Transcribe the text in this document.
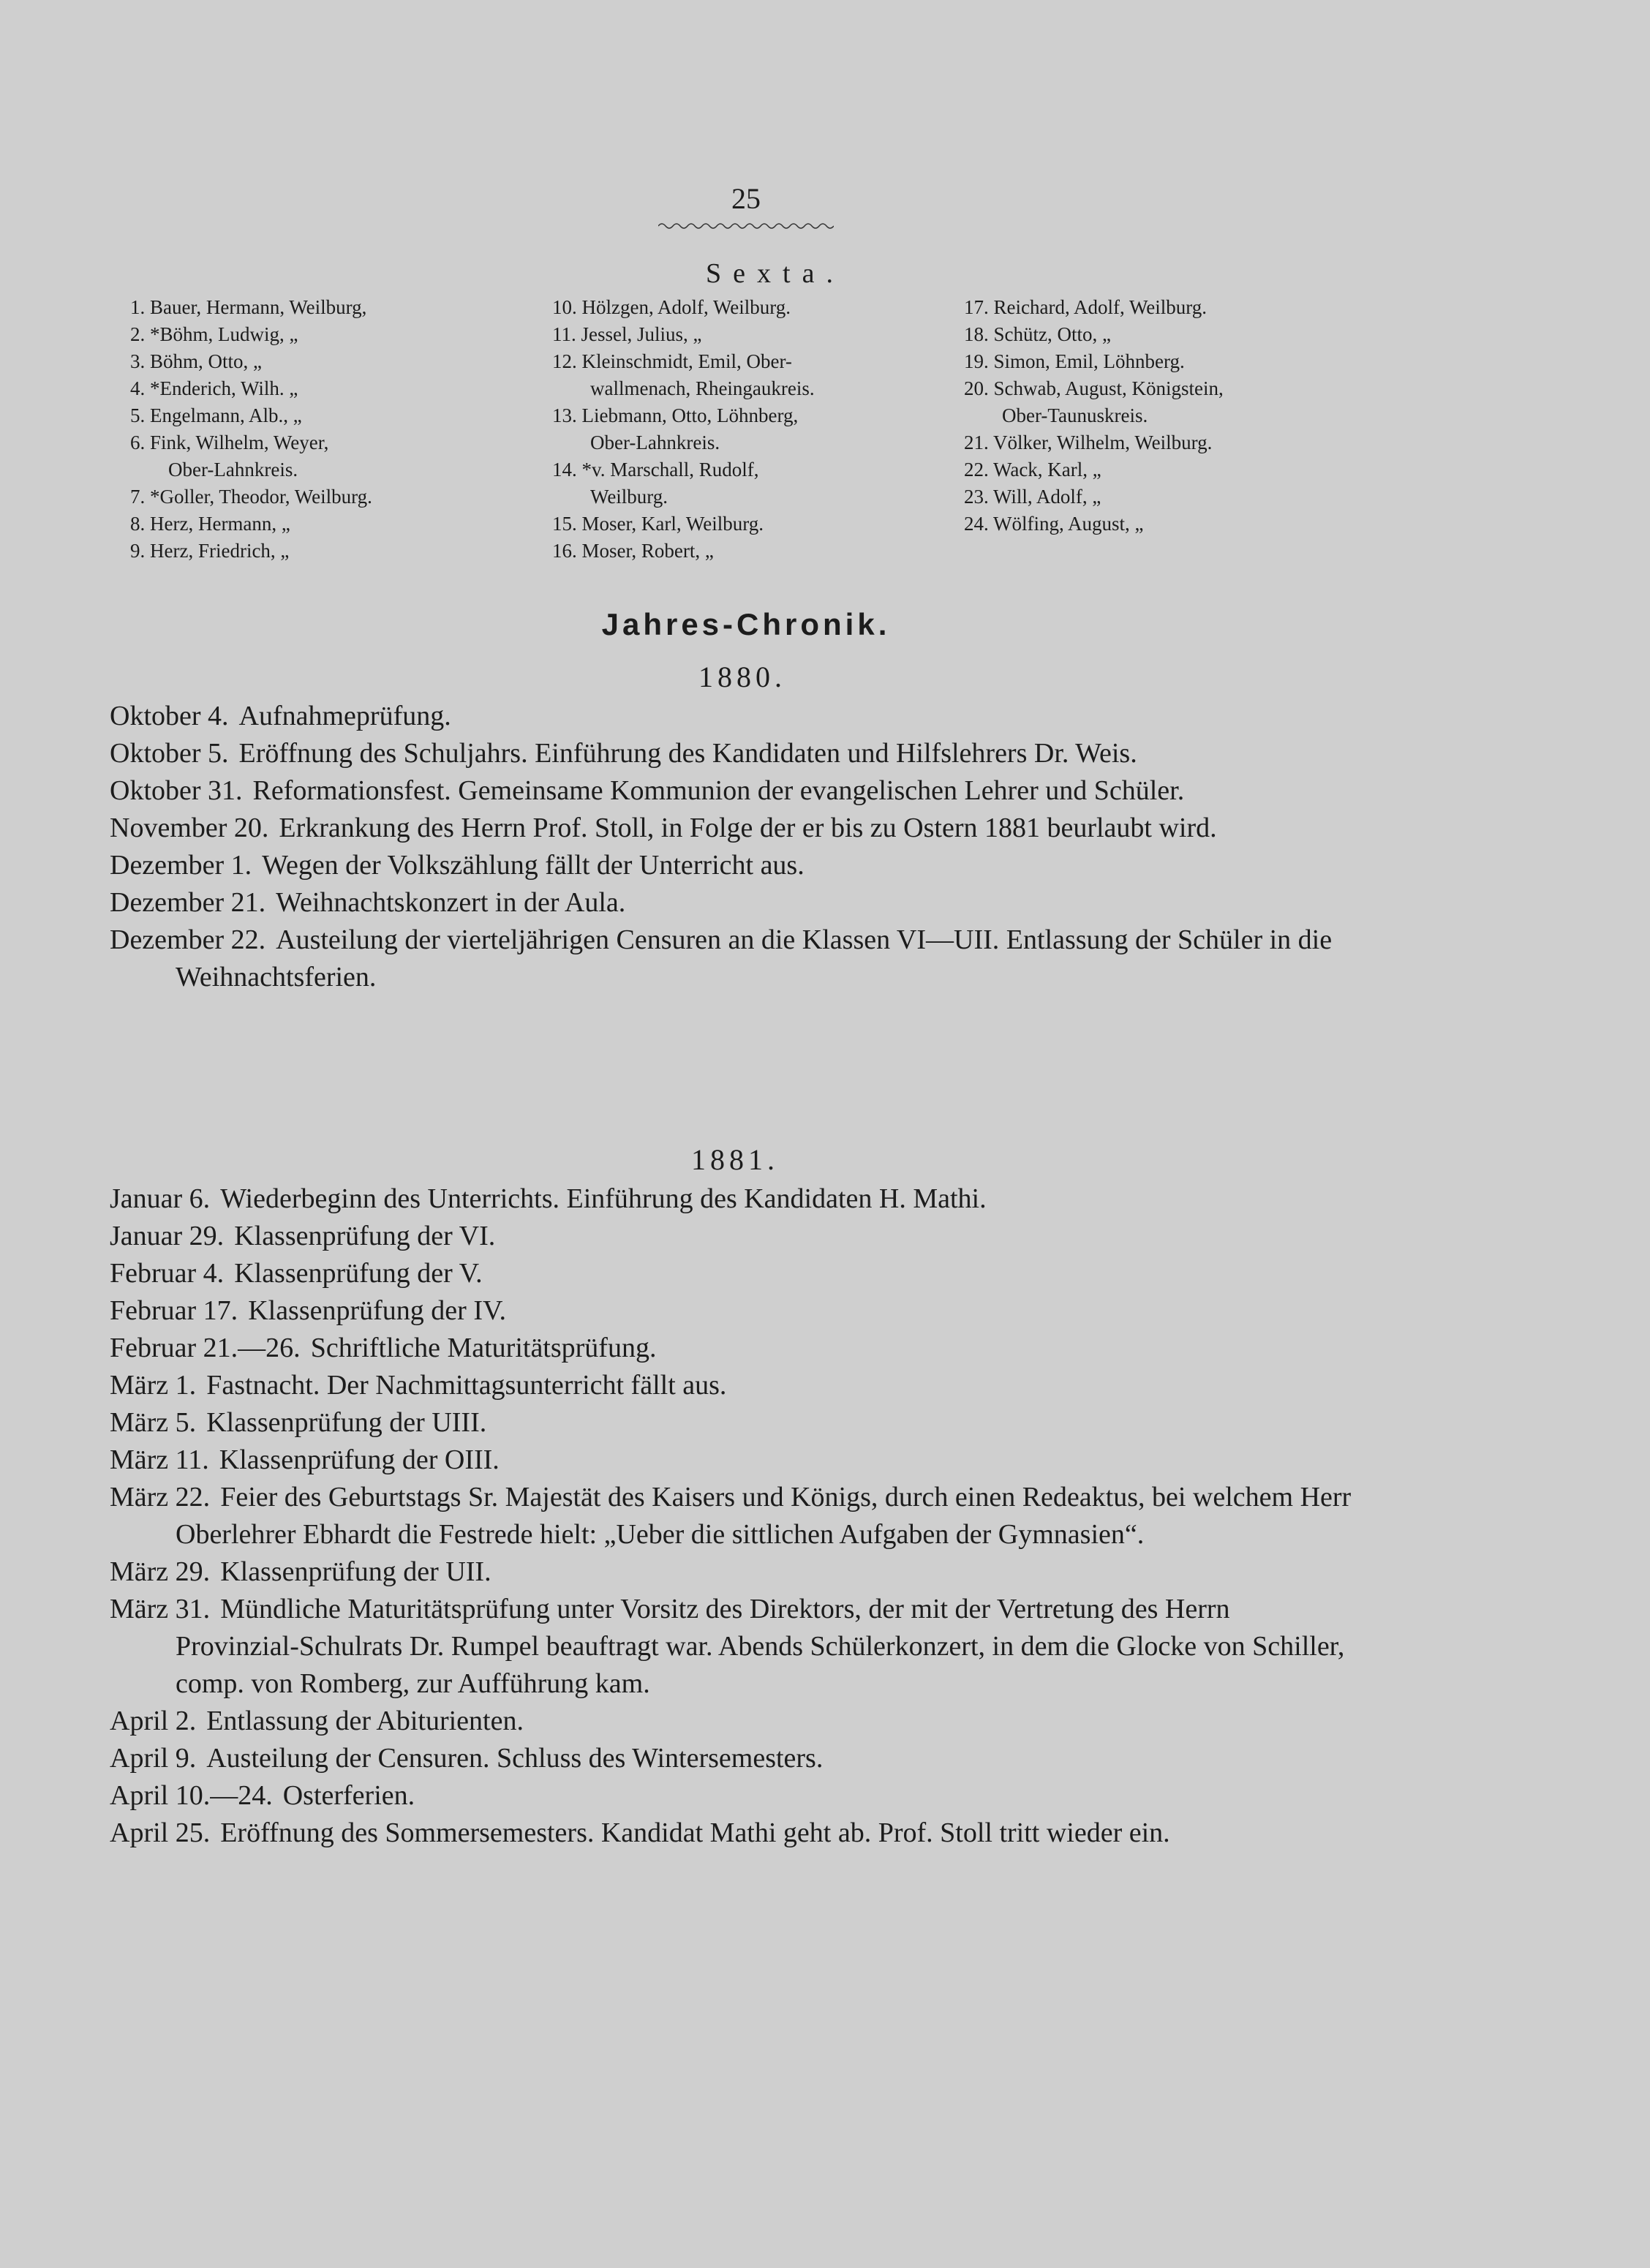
25
Sexta.
1. Bauer, Hermann, Weilburg,
2. *Böhm, Ludwig, „
3. Böhm, Otto, „
4. *Enderich, Wilh. „
5. Engelmann, Alb., „
6. Fink, Wilhelm, Weyer,
Ober-Lahnkreis.
7. *Goller, Theodor, Weilburg.
8. Herz, Hermann, „
9. Herz, Friedrich, „
10. Hölzgen, Adolf, Weilburg.
11. Jessel, Julius, „
12. Kleinschmidt, Emil, Ober-
wallmenach, Rheingaukreis.
13. Liebmann, Otto, Löhnberg,
Ober-Lahnkreis.
14. *v. Marschall, Rudolf,
Weilburg.
15. Moser, Karl, Weilburg.
16. Moser, Robert, „
17. Reichard, Adolf, Weilburg.
18. Schütz, Otto, „
19. Simon, Emil, Löhnberg.
20. Schwab, August, Königstein,
Ober-Taunuskreis.
21. Völker, Wilhelm, Weilburg.
22. Wack, Karl, „
23. Will, Adolf, „
24. Wölfing, August, „
Jahres-Chronik.
1880.

Oktober 4. Aufnahmeprüfung.

Oktober 5. Eröffnung des Schuljahrs. Einführung des Kandidaten und Hilfslehrers Dr. Weis.

Oktober 31. Reformationsfest. Gemeinsame Kommunion der evangelischen Lehrer und Schüler.

November 20. Erkrankung des Herrn Prof. Stoll, in Folge der er bis zu Ostern 1881 beurlaubt wird.

Dezember 1. Wegen der Volkszählung fällt der Unterricht aus.

Dezember 21. Weihnachtskonzert in der Aula.

Dezember 22. Austeilung der vierteljährigen Censuren an die Klassen VI—UII. Entlassung der Schüler in die Weihnachtsferien.

1881.

Januar 6. Wiederbeginn des Unterrichts. Einführung des Kandidaten H. Mathi.

Januar 29. Klassenprüfung der VI.

Februar 4. Klassenprüfung der V.

Februar 17. Klassenprüfung der IV.

Februar 21.—26. Schriftliche Maturitätsprüfung.

März 1. Fastnacht. Der Nachmittagsunterricht fällt aus.

März 5. Klassenprüfung der UIII.

März 11. Klassenprüfung der OIII.

März 22. Feier des Geburtstags Sr. Majestät des Kaisers und Königs, durch einen Redeaktus, bei welchem Herr Oberlehrer Ebhardt die Festrede hielt: „Ueber die sittlichen Aufgaben der Gymnasien“.

März 29. Klassenprüfung der UII.

März 31. Mündliche Maturitätsprüfung unter Vorsitz des Direktors, der mit der Vertretung des Herrn Provinzial-Schulrats Dr. Rumpel beauftragt war. Abends Schülerkonzert, in dem die Glocke von Schiller, comp. von Romberg, zur Aufführung kam.

April 2. Entlassung der Abiturienten.

April 9. Austeilung der Censuren. Schluss des Wintersemesters.

April 10.—24. Osterferien.

April 25. Eröffnung des Sommersemesters. Kandidat Mathi geht ab. Prof. Stoll tritt wieder ein.
